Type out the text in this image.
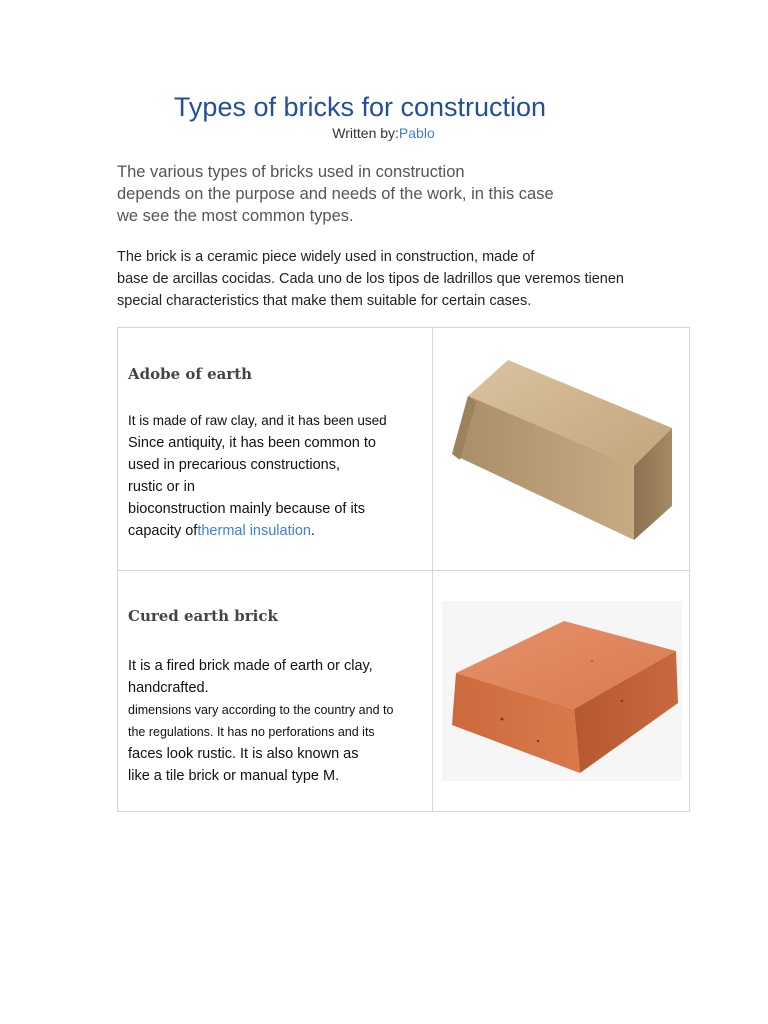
Types of bricks for construction
Written by:Pablo
The various types of bricks used in construction
depends on the purpose and needs of the work, in this case
we see the most common types.
The brick is a ceramic piece widely used in construction, made of
base de arcillas cocidas. Cada uno de los tipos de ladrillos que veremos tienen
special characteristics that make them suitable for certain cases.
Adobe of earth
It is made of raw clay, and it has been used
Since antiquity, it has been common to
used in precarious constructions,
rustic or in
bioconstruction mainly because of its
capacity ofthermal insulation.
Cured earth brick
It is a fired brick made of earth or clay,
handcrafted.
dimensions vary according to the country and to
the regulations. It has no perforations and its
faces look rustic. It is also known as
like a tile brick or manual type M.
